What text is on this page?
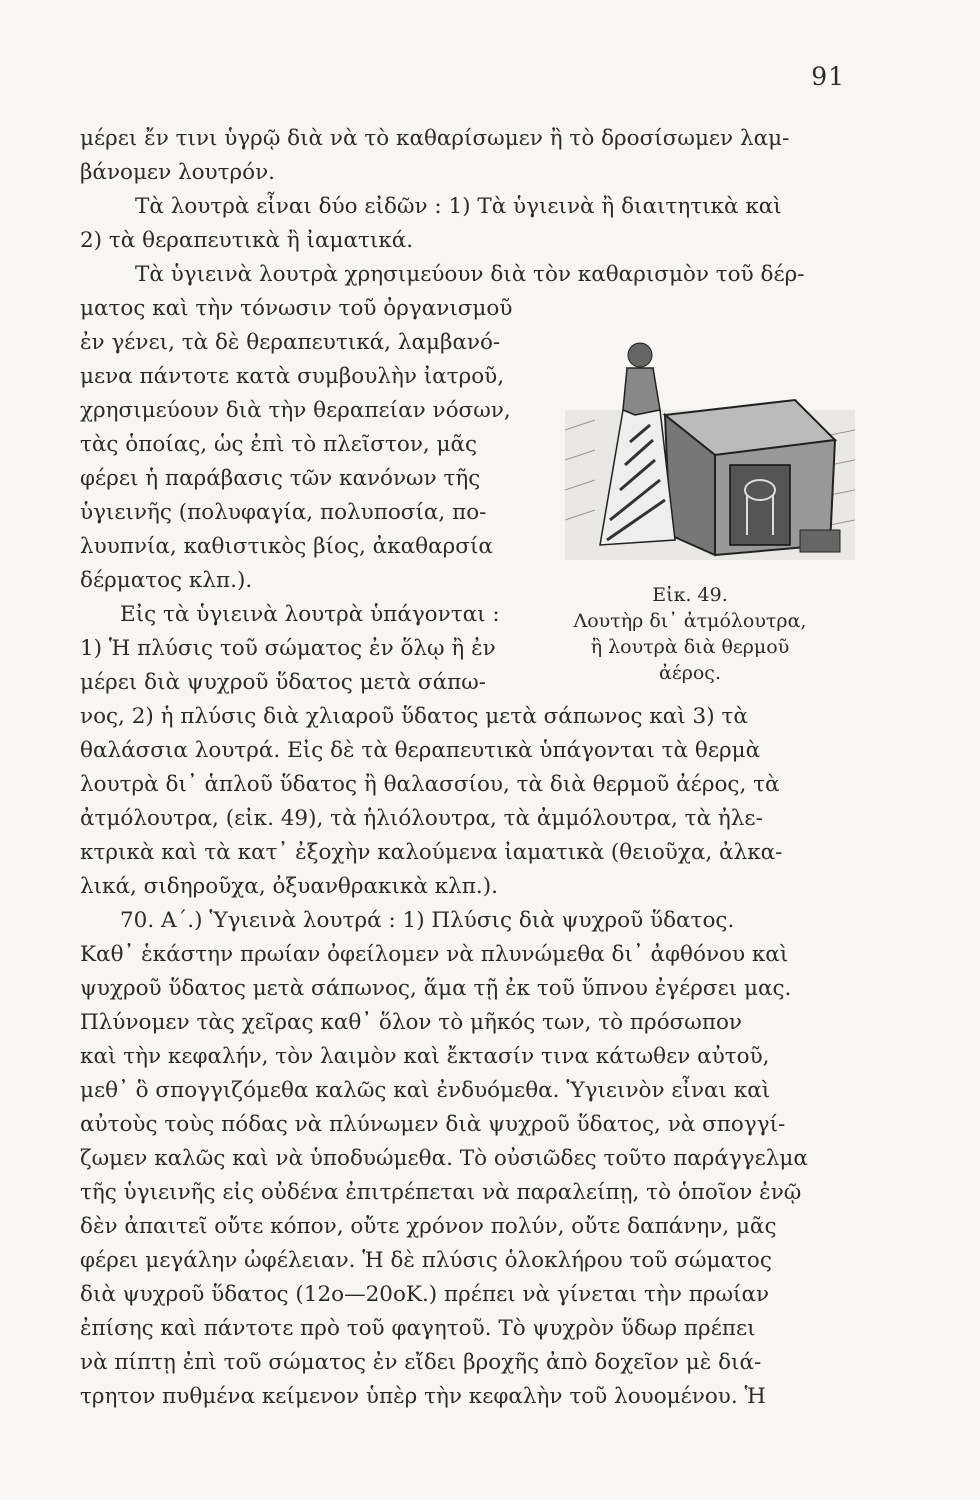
91
μέρει ἔν τινι ὑγρῷ διὰ νὰ τὸ καθαρίσωμεν ἢ τὸ δροσίσωμεν λαμ-
βάνομεν λουτρόν.
Τὰ λουτρὰ εἶναι δύο εἰδῶν : 1) Τὰ ὑγιεινὰ ἢ διαιτητικὰ καὶ
2) τὰ θεραπευτικὰ ἢ ἰαματικά.
Τὰ ὑγιεινὰ λουτρὰ χρησιμεύουν διὰ τὸν καθαρισμὸν τοῦ δέρ-
ματος καὶ τὴν τόνωσιν τοῦ ὀργανισμοῦ
ἐν γένει, τὰ δὲ θεραπευτικά, λαμβανό-
μενα πάντοτε κατὰ συμβουλὴν ἰατροῦ,
χρησιμεύουν διὰ τὴν θεραπείαν νόσων,
τὰς ὁποίας, ὡς ἐπὶ τὸ πλεῖστον, μᾶς
φέρει ἡ παράβασις τῶν κανόνων τῆς
ὑγιεινῆς (πολυφαγία, πολυποσία, πο-
λυυπνία, καθιστικὸς βίος, ἀκαθαρσία
δέρματος κλπ.).
Εἰς τὰ ὑγιεινὰ λουτρὰ ὑπάγονται :
1) Ἡ πλύσις τοῦ σώματος ἐν ὅλῳ ἢ ἐν
μέρει διὰ ψυχροῦ ὕδατος μετὰ σάπω-
νος, 2) ἡ πλύσις διὰ χλιαροῦ ὕδατος μετὰ σάπωνος καὶ 3) τὰ
θαλάσσια λουτρά. Εἰς δὲ τὰ θεραπευτικὰ ὑπάγονται τὰ θερμὰ
λουτρὰ δι᾽ ἁπλοῦ ὕδατος ἢ θαλασσίου, τὰ διὰ θερμοῦ ἀέρος, τὰ
ἀτμόλουτρα, (εἰκ. 49), τὰ ἡλιόλουτρα, τὰ ἀμμόλουτρα, τὰ ἠλε-
κτρικὰ καὶ τὰ κατ᾽ ἐξοχὴν καλούμενα ἰαματικὰ (θειοῦχα, ἀλκα-
λικά, σιδηροῦχα, ὀξυανθρακικὰ κλπ.).
70. Α΄.) Ὑγιεινὰ λουτρά : 1) Πλύσις διὰ ψυχροῦ ὕδατος.
Καθ᾽ ἑκάστην πρωίαν ὀφείλομεν νὰ πλυνώμεθα δι᾽ ἀφθόνου καὶ
ψυχροῦ ὕδατος μετὰ σάπωνος, ἅμα τῇ ἐκ τοῦ ὕπνου ἐγέρσει μας.
Πλύνομεν τὰς χεῖρας καθ᾽ ὅλον τὸ μῆκός των, τὸ πρόσωπον
καὶ τὴν κεφαλήν, τὸν λαιμὸν καὶ ἔκτασίν τινα κάτωθεν αὐτοῦ,
μεθ᾽ ὃ σπογγιζόμεθα καλῶς καὶ ἐνδυόμεθα. Ὑγιεινὸν εἶναι καὶ
αὐτοὺς τοὺς πόδας νὰ πλύνωμεν διὰ ψυχροῦ ὕδατος, νὰ σπογγί-
ζωμεν καλῶς καὶ νὰ ὑποδυώμεθα. Τὸ οὐσιῶδες τοῦτο παράγγελμα
τῆς ὑγιεινῆς εἰς οὐδένα ἐπιτρέπεται νὰ παραλείπῃ, τὸ ὁποῖον ἐνῷ
δὲν ἀπαιτεῖ οὔτε κόπον, οὔτε χρόνον πολύν, οὔτε δαπάνην, μᾶς
φέρει μεγάλην ὠφέλειαν. Ἡ δὲ πλύσις ὁλοκλήρου τοῦ σώματος
διὰ ψυχροῦ ὕδατος (12ο—20οΚ.) πρέπει νὰ γίνεται τὴν πρωίαν
ἐπίσης καὶ πάντοτε πρὸ τοῦ φαγητοῦ. Τὸ ψυχρὸν ὕδωρ πρέπει
νὰ πίπτῃ ἐπὶ τοῦ σώματος ἐν εἴδει βροχῆς ἀπὸ δοχεῖον μὲ διά-
τρητον πυθμένα κείμενον ὑπὲρ τὴν κεφαλὴν τοῦ λουομένου. Ἡ
Εἰκ. 49.
Λουτὴρ δι᾽ ἀτμόλουτρα,
ἢ λουτρὰ διὰ θερμοῦ
ἀέρος.
